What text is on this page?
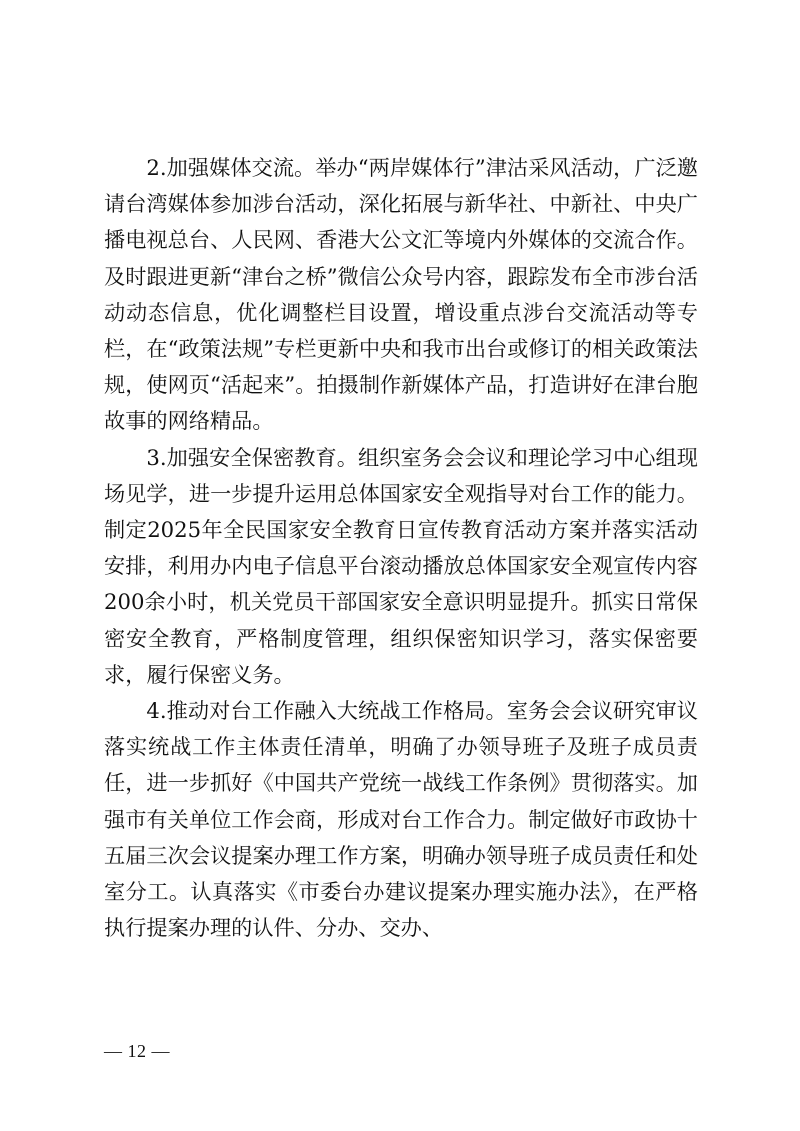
2.加强媒体交流。举办“两岸媒体行”津沽采风活动，广泛邀请台湾媒体参加涉台活动，深化拓展与新华社、中新社、中央广播电视总台、人民网、香港大公文汇等境内外媒体的交流合作。及时跟进更新“津台之桥”微信公众号内容，跟踪发布全市涉台活动动态信息，优化调整栏目设置，增设重点涉台交流活动等专栏，在“政策法规”专栏更新中央和我市出台或修订的相关政策法规，使网页“活起来”。拍摄制作新媒体产品，打造讲好在津台胞故事的网络精品。

3.加强安全保密教育。组织室务会会议和理论学习中心组现场见学，进一步提升运用总体国家安全观指导对台工作的能力。制定2025年全民国家安全教育日宣传教育活动方案并落实活动安排，利用办内电子信息平台滚动播放总体国家安全观宣传内容200余小时，机关党员干部国家安全意识明显提升。抓实日常保密安全教育，严格制度管理，组织保密知识学习，落实保密要求，履行保密义务。

4.推动对台工作融入大统战工作格局。室务会会议研究审议落实统战工作主体责任清单，明确了办领导班子及班子成员责任，进一步抓好《中国共产党统一战线工作条例》贯彻落实。加强市有关单位工作会商，形成对台工作合力。制定做好市政协十五届三次会议提案办理工作方案，明确办领导班子成员责任和处室分工。认真落实《市委台办建议提案办理实施办法》，在严格执行提案办理的认件、分办、交办、

— 12 —
